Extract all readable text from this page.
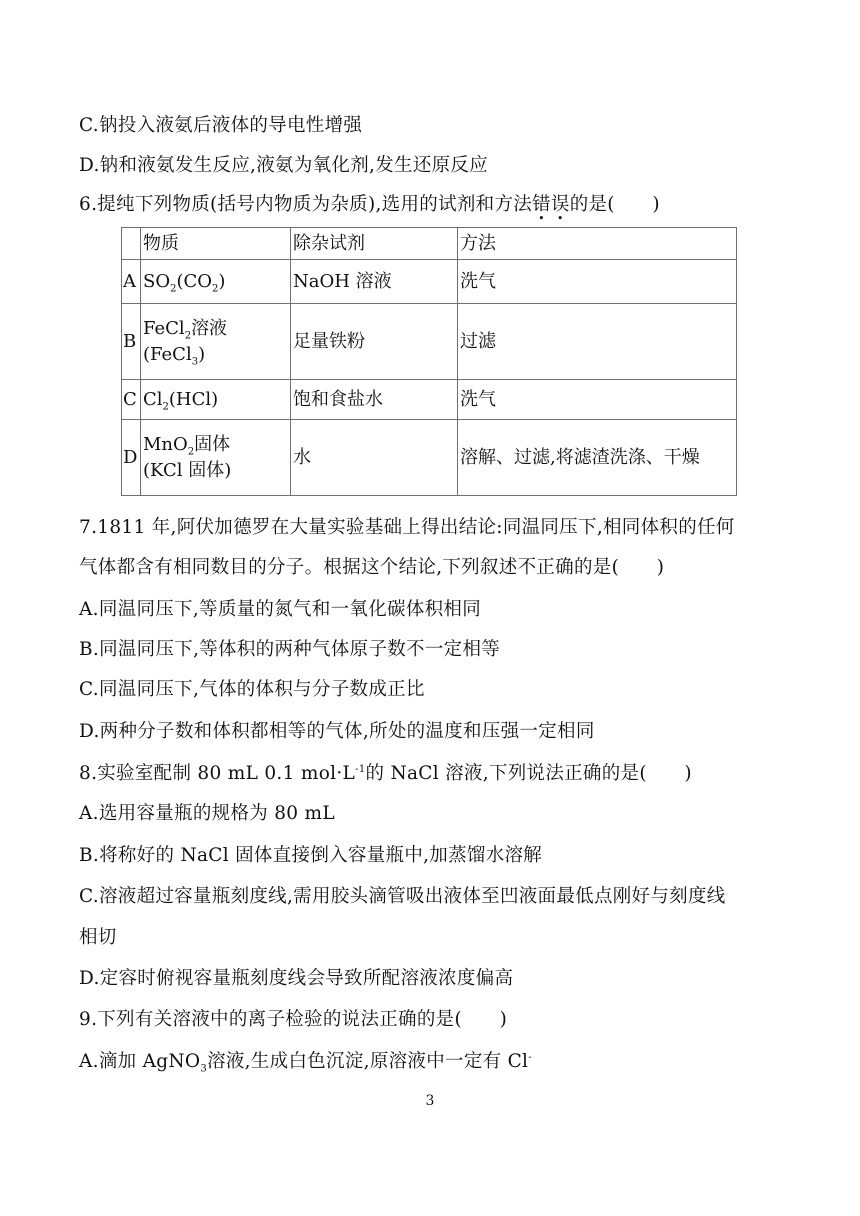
C.钠投入液氨后液体的导电性增强
D.钠和液氨发生反应,液氨为氧化剂,发生还原反应
6.提纯下列物质(括号内物质为杂质),选用的试剂和方法错误的是(　　)
	物质	除杂试剂	方法
A	$SO_2(CO_2)$	NaOH 溶液	洗气
B	FeCl$_2$溶液
(FeCl$_3$)	足量铁粉	过滤
C	$Cl_2(HCl)$	饱和食盐水	洗气
D	MnO$_2$固体
(KCl 固体)	水	溶解、过滤,将滤渣洗涤、干燥
7.1811 年,阿伏加德罗在大量实验基础上得出结论:同温同压下,相同体积的任何
气体都含有相同数目的分子。根据这个结论,下列叙述不正确的是(　　)
A.同温同压下,等质量的氮气和一氧化碳体积相同
B.同温同压下,等体积的两种气体原子数不一定相等
C.同温同压下,气体的体积与分子数成正比
D.两种分子数和体积都相等的气体,所处的温度和压强一定相同
8.实验室配制 80 mL 0.1 $mol\cdot L^{-1}$的 NaCl 溶液,下列说法正确的是(　　)
A.选用容量瓶的规格为 80 mL
B.将称好的 NaCl 固体直接倒入容量瓶中,加蒸馏水溶解
C.溶液超过容量瓶刻度线,需用胶头滴管吸出液体至凹液面最低点刚好与刻度线
相切
D.定容时俯视容量瓶刻度线会导致所配溶液浓度偏高
9.下列有关溶液中的离子检验的说法正确的是(　　)
A.滴加 AgNO$_3$溶液,生成白色沉淀,原溶液中一定有 Cl-
3
